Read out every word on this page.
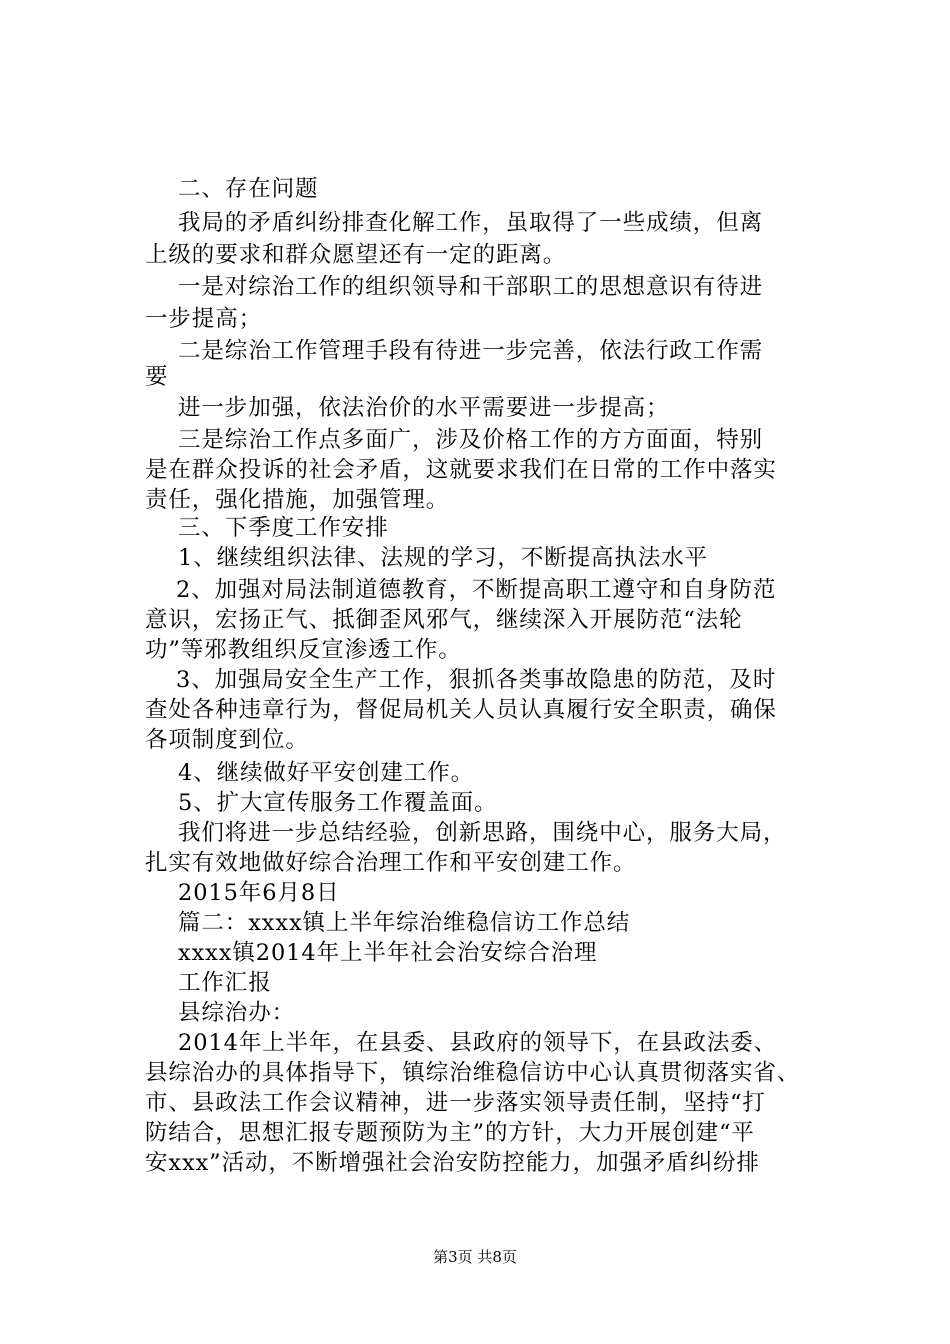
二、存在问题
我局的矛盾纠纷排查化解工作，虽取得了一些成绩，但离
上级的要求和群众愿望还有一定的距离。
一是对综治工作的组织领导和干部职工的思想意识有待进
一步提高；
二是综治工作管理手段有待进一步完善，依法行政工作需
要
进一步加强，依法治价的水平需要进一步提高；
三是综治工作点多面广，涉及价格工作的方方面面，特别
是在群众投诉的社会矛盾，这就要求我们在日常的工作中落实
责任，强化措施，加强管理。
三、下季度工作安排
1、继续组织法律、法规的学习，不断提高执法水平
2、加强对局法制道德教育，不断提高职工遵守和自身防范
意识，宏扬正气、抵御歪风邪气，继续深入开展防范“法轮
功”等邪教组织反宣渗透工作。
3、加强局安全生产工作，狠抓各类事故隐患的防范，及时
查处各种违章行为，督促局机关人员认真履行安全职责，确保
各项制度到位。
4、继续做好平安创建工作。
5、扩大宣传服务工作覆盖面。
我们将进一步总结经验，创新思路，围绕中心，服务大局，
扎实有效地做好综合治理工作和平安创建工作。
2015年6月8日
篇二：xxxx镇上半年综治维稳信访工作总结
xxxx镇2014年上半年社会治安综合治理
工作汇报
县综治办：
2014年上半年，在县委、县政府的领导下，在县政法委、
县综治办的具体指导下，镇综治维稳信访中心认真贯彻落实省、
市、县政法工作会议精神，进一步落实领导责任制，坚持“打
防结合，思想汇报专题预防为主”的方针，大力开展创建“平
安xxx”活动，不断增强社会治安防控能力，加强矛盾纠纷排
第3页 共8页
